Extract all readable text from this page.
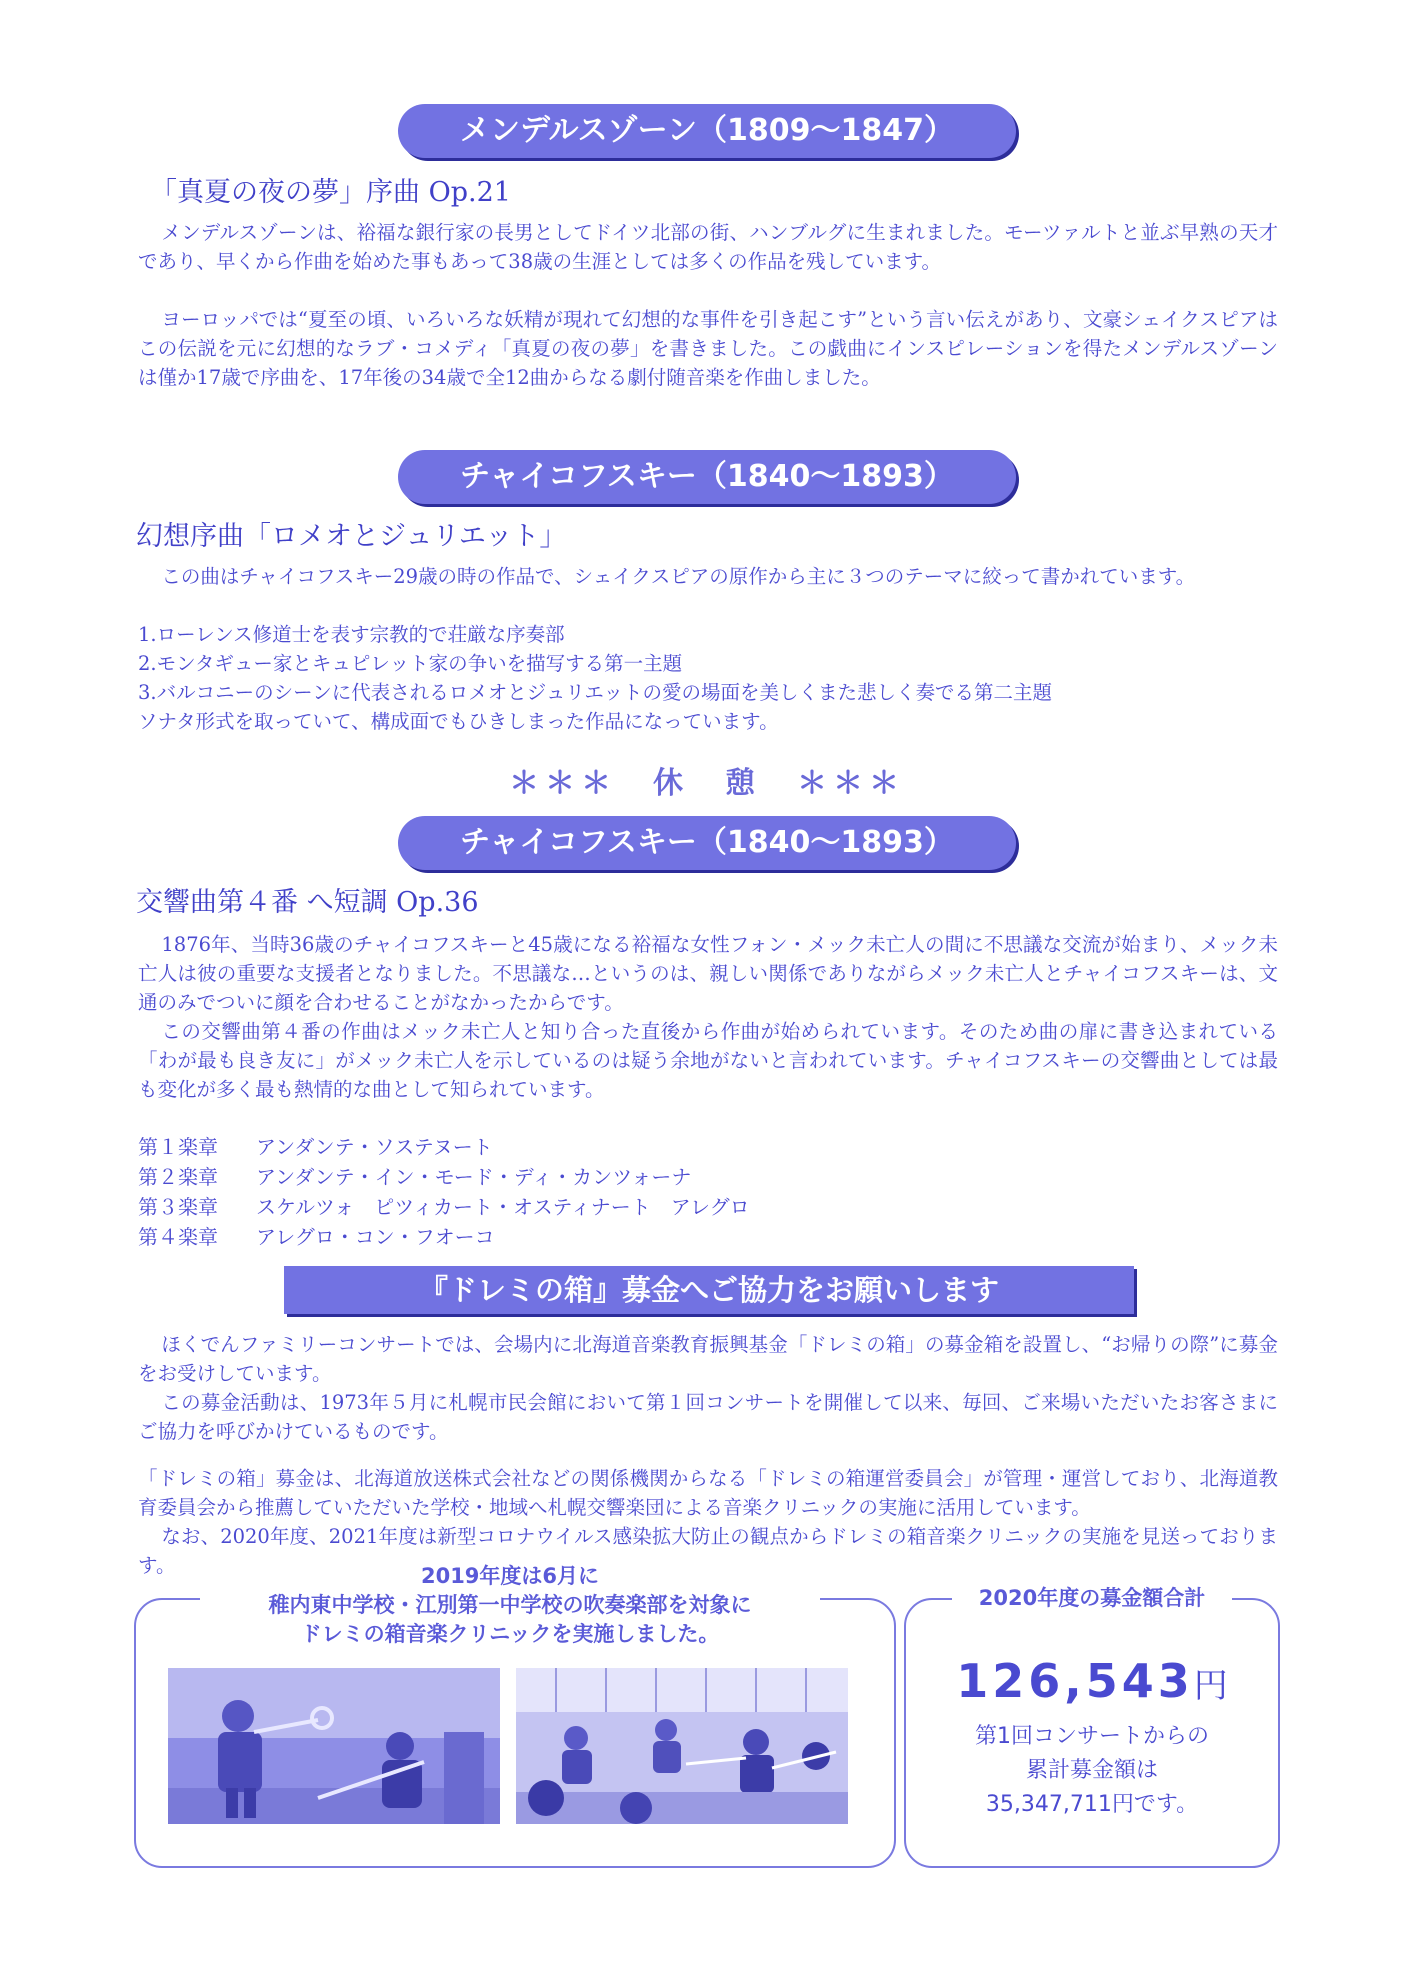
メンデルスゾーン（1809～1847）
「真夏の夜の夢」序曲 Op.21

メンデルスゾーンは、裕福な銀行家の長男としてドイツ北部の街、ハンブルグに生まれました。モーツァルトと並ぶ早熟の天才であり、早くから作曲を始めた事もあって38歳の生涯としては多くの作品を残しています。

ヨーロッパでは“夏至の頃、いろいろな妖精が現れて幻想的な事件を引き起こす”という言い伝えがあり、文豪シェイクスピアはこの伝説を元に幻想的なラブ・コメディ「真夏の夜の夢」を書きました。この戯曲にインスピレーションを得たメンデルスゾーンは僅か17歳で序曲を、17年後の34歳で全12曲からなる劇付随音楽を作曲しました。

チャイコフスキー（1840～1893）
幻想序曲「ロメオとジュリエット」

この曲はチャイコフスキー29歳の時の作品で、シェイクスピアの原作から主に３つのテーマに絞って書かれています。

1.ローレンス修道士を表す宗教的で荘厳な序奏部
2.モンタギュー家とキュピレット家の争いを描写する第一主題
3.バルコニーのシーンに代表されるロメオとジュリエットの愛の場面を美しくまた悲しく奏でる第二主題
ソナタ形式を取っていて、構成面でもひきしまった作品になっています。
＊＊＊　休　憩　＊＊＊
チャイコフスキー（1840～1893）
交響曲第４番 へ短調 Op.36

1876年、当時36歳のチャイコフスキーと45歳になる裕福な女性フォン・メック未亡人の間に不思議な交流が始まり、メック未亡人は彼の重要な支援者となりました。不思議な…というのは、親しい関係でありながらメック未亡人とチャイコフスキーは、文通のみでついに顔を合わせることがなかったからです。

この交響曲第４番の作曲はメック未亡人と知り合った直後から作曲が始められています。そのため曲の扉に書き込まれている「わが最も良き友に」がメック未亡人を示しているのは疑う余地がないと言われています。チャイコフスキーの交響曲としては最も変化が多く最も熱情的な曲として知られています。

第１楽章 アンダンテ・ソステヌート
第２楽章 アンダンテ・イン・モード・ディ・カンツォーナ
第３楽章 スケルツォ　ピツィカート・オスティナート　アレグロ
第４楽章 アレグロ・コン・フオーコ
『ドレミの箱』募金へご協力をお願いします

ほくでんファミリーコンサートでは、会場内に北海道音楽教育振興基金「ドレミの箱」の募金箱を設置し、“お帰りの際”に募金をお受けしています。

この募金活動は、1973年５月に札幌市民会館において第１回コンサートを開催して以来、毎回、ご来場いただいたお客さまにご協力を呼びかけているものです。

「ドレミの箱」募金は、北海道放送株式会社などの関係機関からなる「ドレミの箱運営委員会」が管理・運営しており、北海道教育委員会から推薦していただいた学校・地域へ札幌交響楽団による音楽クリニックの実施に活用しています。

なお、2020年度、2021年度は新型コロナウイルス感染拡大防止の観点からドレミの箱音楽クリニックの実施を見送っております。	2019年度は6月に
稚内東中学校・江別第一中学校の吹奏楽部を対象に
ドレミの箱音楽クリニックを実施しました。
2020年度の募金額合計
126,543円
第1回コンサートからの
累計募金額は
35,347,711円です。
